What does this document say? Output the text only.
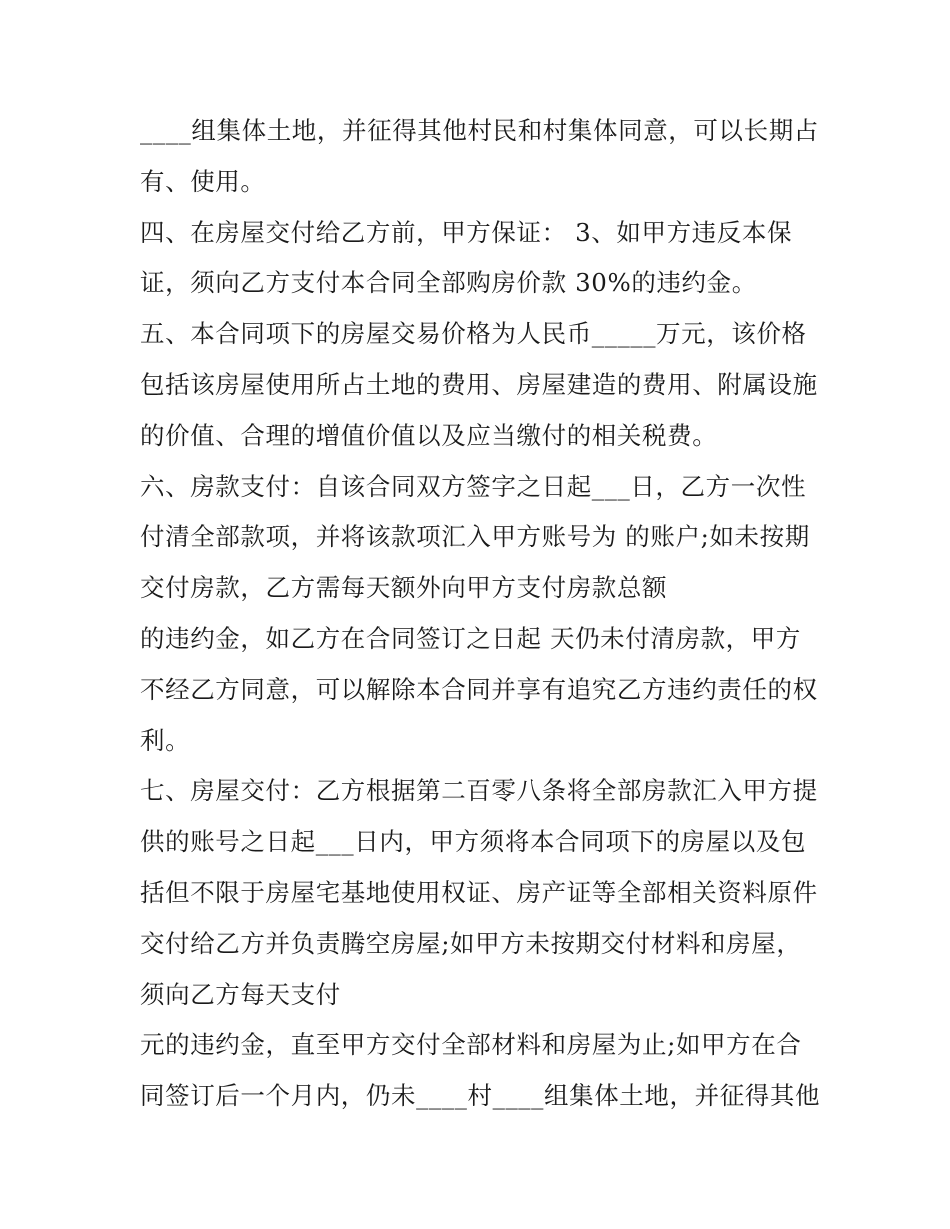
____组集体土地，并征得其他村民和村集体同意，可以长期占
有、使用。
四、在房屋交付给乙方前，甲方保证： 3、如甲方违反本保
证，须向乙方支付本合同全部购房价款 30%的违约金。
五、本合同项下的房屋交易价格为人民币_____万元，该价格
包括该房屋使用所占土地的费用、房屋建造的费用、附属设施
的价值、合理的增值价值以及应当缴付的相关税费。
六、房款支付：自该合同双方签字之日起___日，乙方一次性
付清全部款项，并将该款项汇入甲方账号为 的账户;如未按期
交付房款，乙方需每天额外向甲方支付房款总额
的违约金，如乙方在合同签订之日起 天仍未付清房款，甲方
不经乙方同意，可以解除本合同并享有追究乙方违约责任的权
利。
七、房屋交付：乙方根据第二百零八条将全部房款汇入甲方提
供的账号之日起___日内，甲方须将本合同项下的房屋以及包
括但不限于房屋宅基地使用权证、房产证等全部相关资料原件
交付给乙方并负责腾空房屋;如甲方未按期交付材料和房屋，
须向乙方每天支付
元的违约金，直至甲方交付全部材料和房屋为止;如甲方在合
同签订后一个月内，仍未____村____组集体土地，并征得其他
